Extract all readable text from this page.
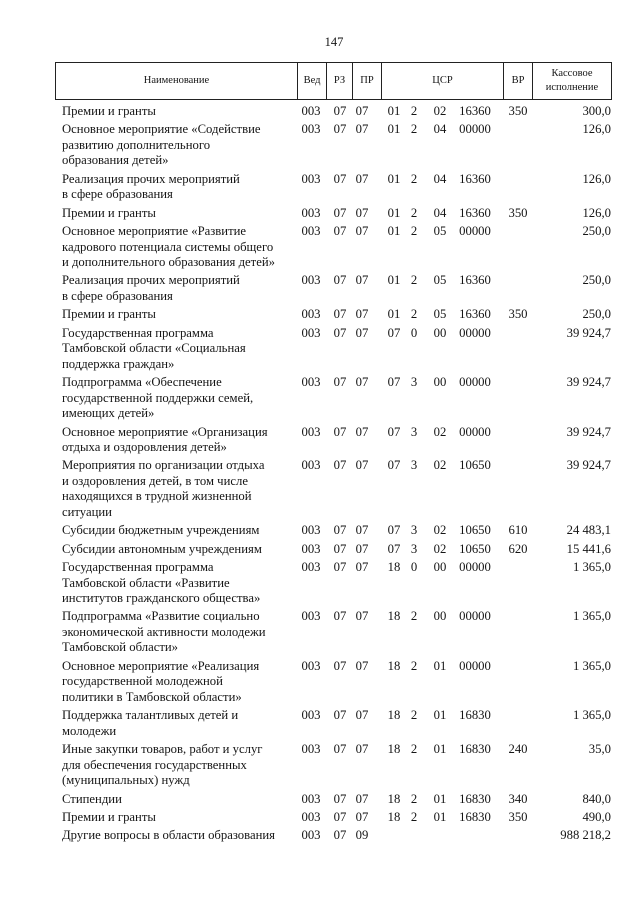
147
Наименование	Вед РЗ ПР	ЦСР	ВР
Кассовое
исполнение
Премии и гранты	003	07 07	01 2	02	16360	350	300,0
Основное мероприятие «Содействие
развитию дополнительного
образования детей»
003	07 07	01 2	04	00000	126,0
Реализация прочих мероприятий
в сфере образования
003	07 07	01 2	04	16360	126,0
Премии и гранты	003	07 07	01 2	04	16360	350	126,0
Основное мероприятие «Развитие
кадрового потенциала системы общего
и дополнительного образования детей»
003	07 07	01 2	05	00000	250,0
Реализация прочих мероприятий
в сфере образования
003	07 07	01 2	05	16360	250,0
Премии и гранты	003	07 07	01 2	05	16360	350	250,0
Государственная программа
Тамбовской области «Социальная
поддержка граждан»
003	07 07	07 0	00	00000	39 924,7
Подпрограмма «Обеспечение
государственной поддержки семей,
имеющих детей»
003	07 07	07 3	00	00000	39 924,7
Основное мероприятие «Организация
отдыха и оздоровления детей»
003	07 07	07 3	02	00000	39 924,7
Мероприятия по организации отдыха
и оздоровления детей, в том числе
находящихся в трудной жизненной
ситуации
003	07 07	07 3	02	10650	39 924,7
Субсидии бюджетным учреждениям	003	07 07	07 3	02	10650	610	24 483,1
Субсидии автономным учреждениям	003	07 07	07 3	02	10650	620	15 441,6
Государственная программа
Тамбовской области «Развитие
институтов гражданского общества»
003	07 07	18 0	00	00000	1 365,0
Подпрограмма «Развитие социально
экономической активности молодежи
Тамбовской области»
003	07 07	18 2	00	00000	1 365,0
Основное мероприятие «Реализация
государственной молодежной
политики в Тамбовской области»
003	07 07	18 2	01	00000	1 365,0
Поддержка талантливых детей и
молодежи
003	07 07	18 2	01	16830	1 365,0
Иные закупки товаров, работ и услуг
для обеспечения государственных
(муниципальных) нужд
003	07 07	18 2	01	16830	240	35,0
Стипендии	003	07 07	18 2	01	16830	340	840,0
Премии и гранты	003	07 07	18 2	01	16830	350	490,0
Другие вопросы в области образования	003	07 09	988 218,2
